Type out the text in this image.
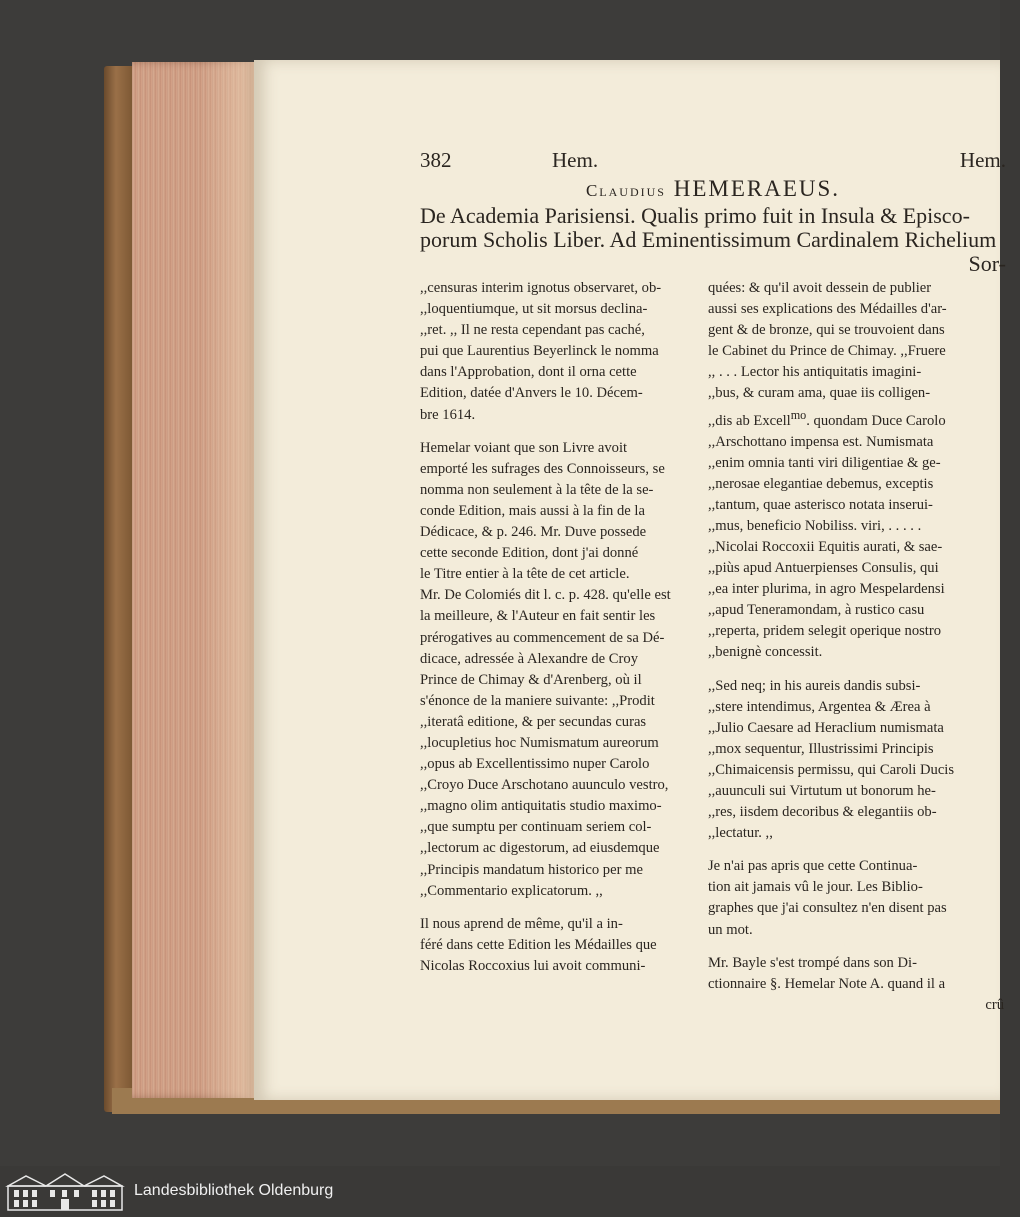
382	Hem.	Hem.
Claudius HEMERAEUS.
De Academia Parisiensi. Qualis primo fuit in Insula & Episco-
porum Scholis Liber. Ad Eminentissimum Cardinalem Richelium
Sor-

,,censuras interim ignotus observaret, ob-
,,loquentiumque, ut sit morsus declina-
,,ret. ,, Il ne resta cependant pas caché,
pui que Laurentius Beyerlinck le nomma
dans l'Approbation, dont il orna cette
Edition, datée d'Anvers le 10. Décem-
bre 1614.

Hemelar voiant que son Livre avoit
emporté les sufrages des Connoisseurs, se
nomma non seulement à la tête de la se-
conde Edition, mais aussi à la fin de la
Dédicace, & p. 246. Mr. Duve possede
cette seconde Edition, dont j'ai donné
le Titre entier à la tête de cet article.
Mr. De Colomiés dit l. c. p. 428. qu'elle est
la meilleure, & l'Auteur en fait sentir les
prérogatives au commencement de sa Dé-
dicace, adressée à Alexandre de Croy
Prince de Chimay & d'Arenberg, où il
s'énonce de la maniere suivante: ,,Prodit
,,iteratâ editione, & per secundas curas
,,locupletius hoc Numismatum aureorum
,,opus ab Excellentissimo nuper Carolo
,,Croyo Duce Arschotano auunculo vestro,
,,magno olim antiquitatis studio maximo-
,,que sumptu per continuam seriem col-
,,lectorum ac digestorum, ad eiusdemque
,,Principis mandatum historico per me
,,Commentario explicatorum. ,,

Il nous aprend de même, qu'il a in-
féré dans cette Edition les Médailles que
Nicolas Roccoxius lui avoit communi-

quées: & qu'il avoit dessein de publier
aussi ses explications des Médailles d'ar-
gent & de bronze, qui se trouvoient dans
le Cabinet du Prince de Chimay. ,,Fruere
,, . . . Lector his antiquitatis imagini-
,,bus, & curam ama, quae iis colligen-
,,dis ab Excell$^{mo}$. quondam Duce Carolo
,,Arschottano impensa est. Numismata
,,enim omnia tanti viri diligentiae & ge-
,,nerosae elegantiae debemus, exceptis
,,tantum, quae asterisco notata inserui-
,,mus, beneficio Nobiliss. viri, . . . . .
,,Nicolai Roccoxii Equitis aurati, & sae-
,,piùs apud Antuerpienses Consulis, qui
,,ea inter plurima, in agro Mespelardensi
,,apud Teneramondam, à rustico casu
,,reperta, pridem selegit operique nostro
,,benignè concessit.

,,Sed neq; in his aureis dandis subsi-
,,stere intendimus, Argentea & Ærea à
,,Julio Caesare ad Heraclium numismata
,,mox sequentur, Illustrissimi Principis
,,Chimaicensis permissu, qui Caroli Ducis
,,auunculi sui Virtutum ut bonorum he-
,,res, iisdem decoribus & elegantiis ob-
,,lectatur. ,,

Je n'ai pas apris que cette Continua-
tion ait jamais vû le jour. Les Biblio-
graphes que j'ai consultez n'en disent pas
un mot.

Mr. Bayle s'est trompé dans son Di-
ctionnaire §. Hemelar Note A. quand il a

crû
Landesbibliothek Oldenburg
